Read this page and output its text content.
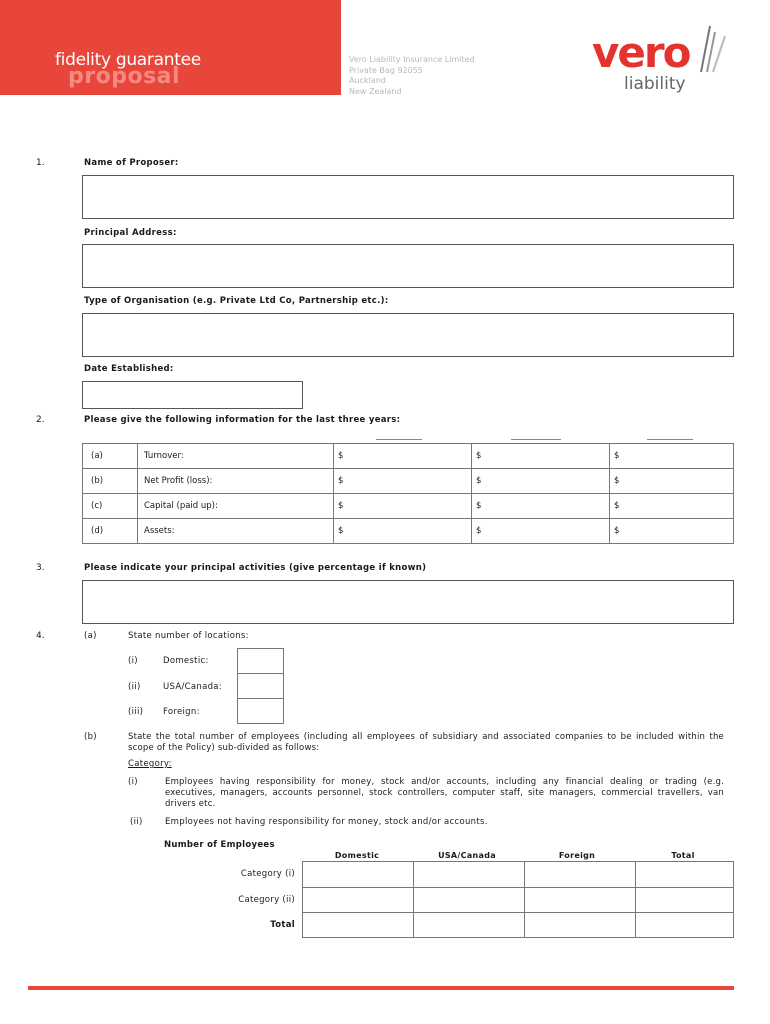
fidelity guarantee
proposal
Vero Liability Insurance Limited
Private Bag 92055
Auckland
New Zealand
vero
liability
1.	Name of Proposer:
Principal Address:
Type of Organisation (e.g. Private Ltd Co, Partnership etc.):
Date Established:
2.	Please give the following information for the last three years:
(a)	Turnover:	$	$	$
(b)	Net Profit (loss):	$	$	$
(c)	Capital (paid up):	$	$	$
(d)	Assets:	$	$	$
3.	Please indicate your principal activities (give percentage if known)
4.	(a)	State number of locations:
(i)	Domestic:
(ii)	USA/Canada:
(iii) Foreign:
(b)	State the total number of employees (including all employees of subsidiary and associated companies to be included within the scope of the Policy) sub-divided as follows:
Category:
(i)	Employees having responsibility for money, stock and/or accounts, including any financial dealing or trading (e.g. executives, managers, accounts personnel, stock controllers, computer staff, site managers, commercial travellers, van drivers etc.
(ii)	Employees not having responsibility for money, stock and/or accounts.
Number of Employees
Domestic	USA/Canada	Foreign	Total
Category (i)
Category (ii)
Total
